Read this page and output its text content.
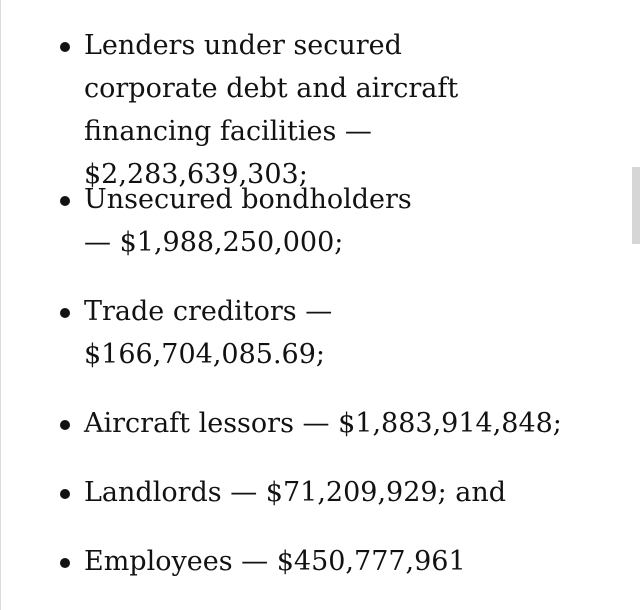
Lenders under secured corporate debt and aircraft financing facilities — $2,283,639,303;
Unsecured bondholders — $1,988,250,000;
Trade creditors — $166,704,085.69;
Aircraft lessors — $1,883,914,848;
Landlords — $71,209,929; and
Employees — $450,777,961
